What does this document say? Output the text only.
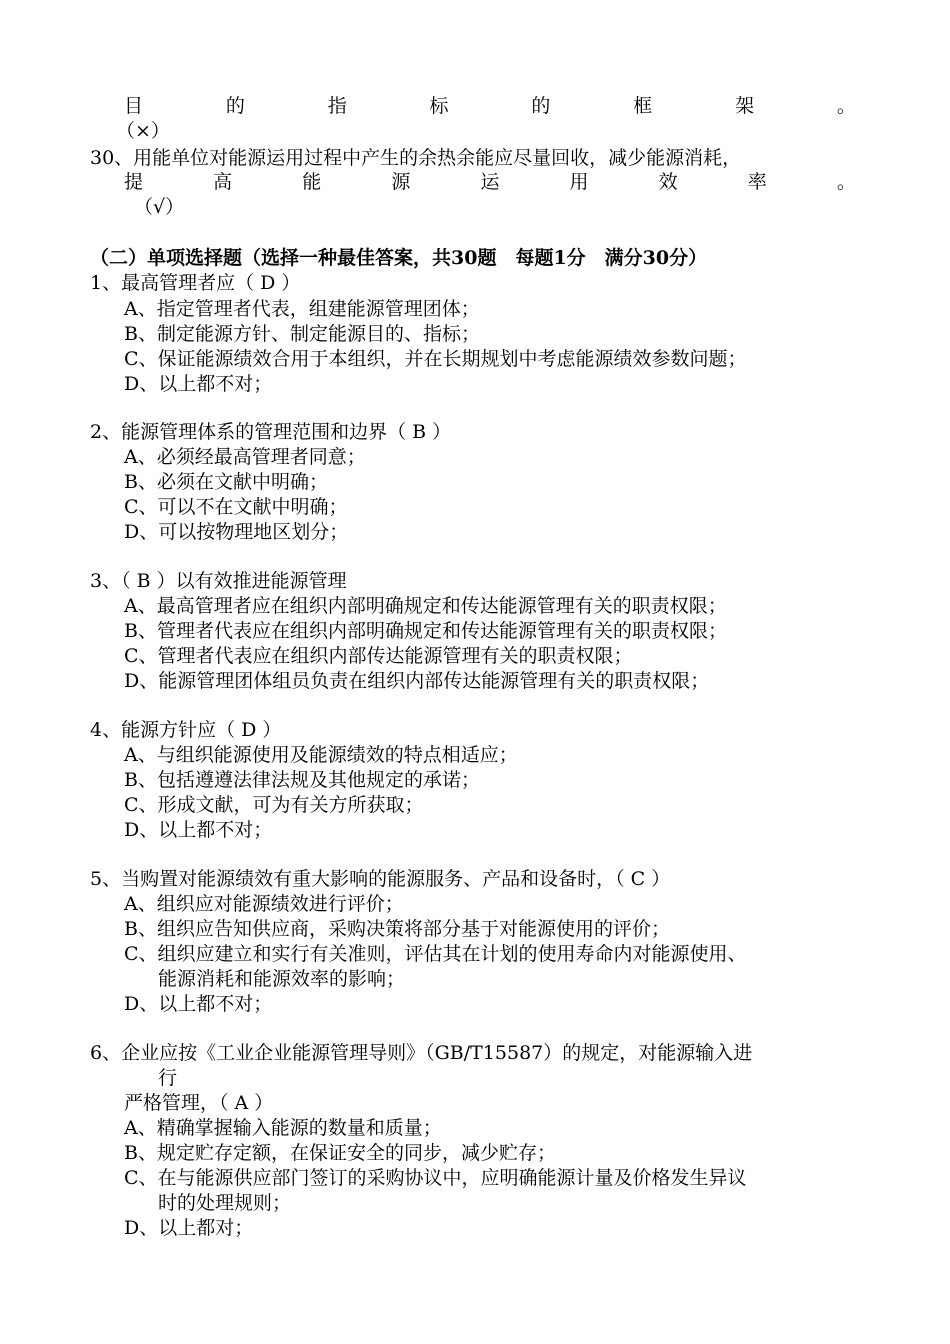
目	的	指	标	的	框	架	。
（×）
30、用能单位对能源运用过程中产生的余热余能应尽量回收，减少能源消耗，
提	高	能	源	运	用	效	率	。
（√）
（二）单项选择题（选择一种最佳答案，共30题　每题1分　满分30分）
1、最高管理者应（ D ）
A、指定管理者代表，组建能源管理团体；
B、制定能源方针、制定能源目的、指标；
C、保证能源绩效合用于本组织，并在长期规划中考虑能源绩效参数问题；
D、以上都不对；
2、能源管理体系的管理范围和边界（ B ）
A、必须经最高管理者同意；
B、必须在文献中明确；
C、可以不在文献中明确；
D、可以按物理地区划分；
3、（ B ）以有效推进能源管理
A、最高管理者应在组织内部明确规定和传达能源管理有关的职责权限；
B、管理者代表应在组织内部明确规定和传达能源管理有关的职责权限；
C、管理者代表应在组织内部传达能源管理有关的职责权限；
D、能源管理团体组员负责在组织内部传达能源管理有关的职责权限；
4、能源方针应（ D ）
A、与组织能源使用及能源绩效的特点相适应；
B、包括遵遵法律法规及其他规定的承诺；
C、形成文献，可为有关方所获取；
D、以上都不对；
5、当购置对能源绩效有重大影响的能源服务、产品和设备时，（ C ）
A、组织应对能源绩效进行评价；
B、组织应告知供应商，采购决策将部分基于对能源使用的评价；
C、组织应建立和实行有关准则，评估其在计划的使用寿命内对能源使用、
能源消耗和能源效率的影响；
D、以上都不对；
6、企业应按《工业企业能源管理导则》（GB/T15587）的规定，对能源输入进
行
严格管理，（ A ）
A、精确掌握输入能源的数量和质量；
B、规定贮存定额，在保证安全的同步，减少贮存；
C、在与能源供应部门签订的采购协议中，应明确能源计量及价格发生异议
时的处理规则；
D、以上都对；
